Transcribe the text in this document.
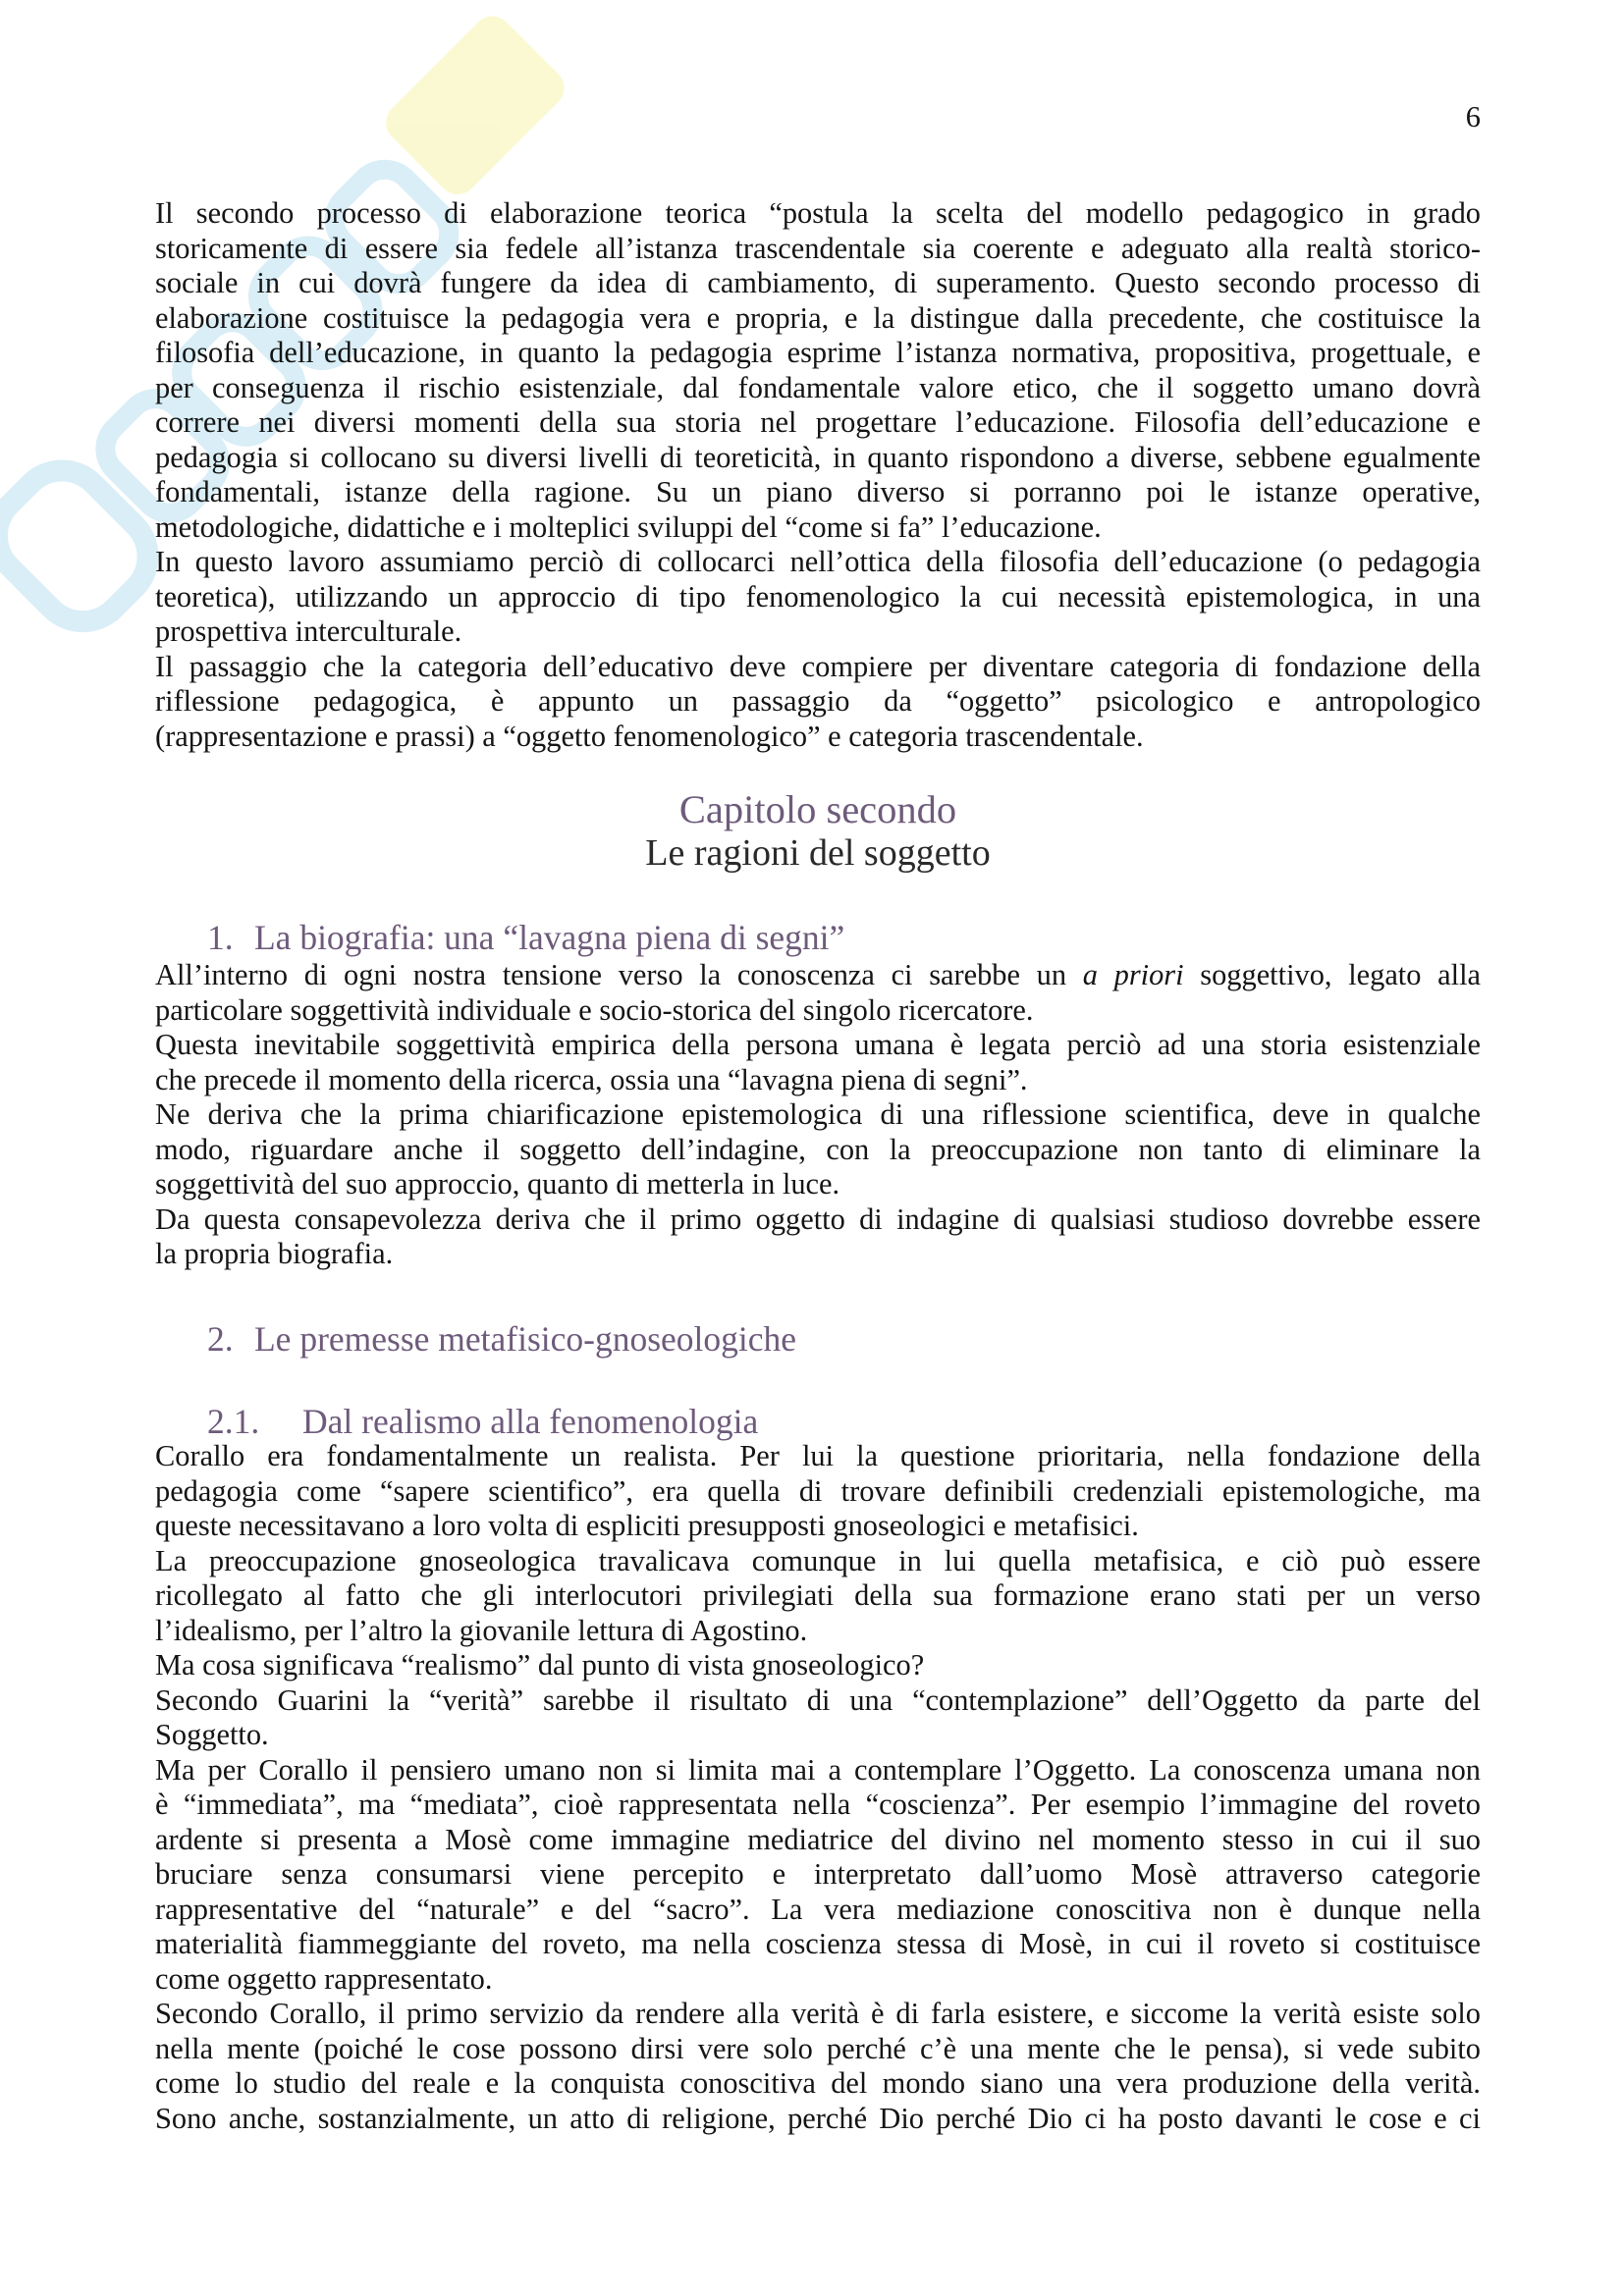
6
Il secondo processo di elaborazione teorica “postula la scelta del modello pedagogico in grado
storicamente di essere sia fedele all’istanza trascendentale sia coerente e adeguato alla realtà storico-
sociale in cui dovrà fungere da idea di cambiamento, di superamento. Questo secondo processo di
elaborazione costituisce la pedagogia vera e propria, e la distingue dalla precedente, che costituisce la
filosofia dell’educazione, in quanto la pedagogia esprime l’istanza normativa, propositiva, progettuale, e
per conseguenza il rischio esistenziale, dal fondamentale valore etico, che il soggetto umano dovrà
correre nei diversi momenti della sua storia nel progettare l’educazione. Filosofia dell’educazione e
pedagogia si collocano su diversi livelli di teoreticità, in quanto rispondono a diverse, sebbene egualmente
fondamentali, istanze della ragione. Su un piano diverso si porranno poi le istanze operative,
metodologiche, didattiche e i molteplici sviluppi del “come si fa” l’educazione.
In questo lavoro assumiamo perciò di collocarci nell’ottica della filosofia dell’educazione (o pedagogia
teoretica), utilizzando un approccio di tipo fenomenologico la cui necessità epistemologica, in una
prospettiva interculturale.
Il passaggio che la categoria dell’educativo deve compiere per diventare categoria di fondazione della
riflessione pedagogica, è appunto un passaggio da “oggetto” psicologico e antropologico
(rappresentazione e prassi) a “oggetto fenomenologico” e categoria trascendentale.
Capitolo secondo
Le ragioni del soggetto
1. La biografia: una “lavagna piena di segni”
All’interno di ogni nostra tensione verso la conoscenza ci sarebbe un a priori soggettivo, legato alla
particolare soggettività individuale e socio-storica del singolo ricercatore.
Questa inevitabile soggettività empirica della persona umana è legata perciò ad una storia esistenziale
che precede il momento della ricerca, ossia una “lavagna piena di segni”.
Ne deriva che la prima chiarificazione epistemologica di una riflessione scientifica, deve in qualche
modo, riguardare anche il soggetto dell’indagine, con la preoccupazione non tanto di eliminare la
soggettività del suo approccio, quanto di metterla in luce.
Da questa consapevolezza deriva che il primo oggetto di indagine di qualsiasi studioso dovrebbe essere
la propria biografia.
2. Le premesse metafisico-gnoseologiche
2.1. Dal realismo alla fenomenologia
Corallo era fondamentalmente un realista. Per lui la questione prioritaria, nella fondazione della
pedagogia come “sapere scientifico”, era quella di trovare definibili credenziali epistemologiche, ma
queste necessitavano a loro volta di espliciti presupposti gnoseologici e metafisici.
La preoccupazione gnoseologica travalicava comunque in lui quella metafisica, e ciò può essere
ricollegato al fatto che gli interlocutori privilegiati della sua formazione erano stati per un verso
l’idealismo, per l’altro la giovanile lettura di Agostino.
Ma cosa significava “realismo” dal punto di vista gnoseologico?
Secondo Guarini la “verità” sarebbe il risultato di una “contemplazione” dell’Oggetto da parte del
Soggetto.
Ma per Corallo il pensiero umano non si limita mai a contemplare l’Oggetto. La conoscenza umana non
è “immediata”, ma “mediata”, cioè rappresentata nella “coscienza”. Per esempio l’immagine del roveto
ardente si presenta a Mosè come immagine mediatrice del divino nel momento stesso in cui il suo
bruciare senza consumarsi viene percepito e interpretato dall’uomo Mosè attraverso categorie
rappresentative del “naturale” e del “sacro”. La vera mediazione conoscitiva non è dunque nella
materialità fiammeggiante del roveto, ma nella coscienza stessa di Mosè, in cui il roveto si costituisce
come oggetto rappresentato.
Secondo Corallo, il primo servizio da rendere alla verità è di farla esistere, e siccome la verità esiste solo
nella mente (poiché le cose possono dirsi vere solo perché c’è una mente che le pensa), si vede subito
come lo studio del reale e la conquista conoscitiva del mondo siano una vera produzione della verità.
Sono anche, sostanzialmente, un atto di religione, perché Dio perché Dio ci ha posto davanti le cose e ci
